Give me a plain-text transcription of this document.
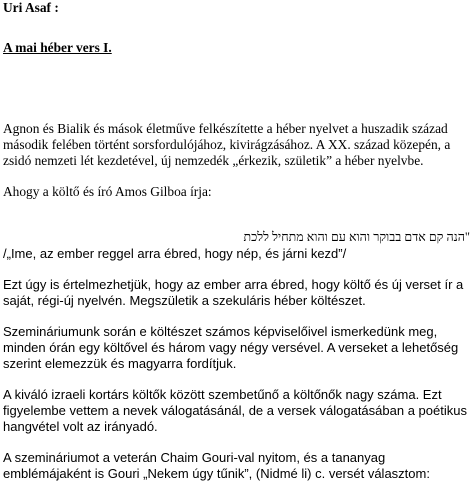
Uri Asaf :

A mai héber vers I.

Agnon és Bialik és mások életműve felkészítette a héber nyelvet a huszadik század második felében történt sorsfordulójához, kivirágzásához. A XX. század közepén, a zsidó nemzeti lét kezdetével, új nemzedék „érkezik, születik” a héber nyelvbe.

Ahogy a költő és író Amos Gilboa írja:

"הנה קם אדם בבוקר והוא עם והוא מתחיל ללכת

/„Ime, az ember reggel arra ébred, hogy nép, és járni kezd”/

Ezt úgy is értelmezhetjük, hogy az ember arra ébred, hogy költő és új verset ír a saját, régi-új nyelvén. Megszületik a szekuláris héber költészet.

Szemináriumunk során e költészet számos képviselőivel ismerkedünk meg, minden órán egy költővel és három vagy négy versével. A verseket a lehetőség szerint elemezzük és magyarra fordítjuk.

A kiváló izraeli kortárs költők között szembetűnő a költőnők nagy száma. Ezt figyelembe vettem a nevek válogatásánál, de a versek válogatásában a poétikus hangvétel volt az irányadó.

A szemináriumot a veterán Chaim Gouri-val nyitom, és a tananyag emblémájaként is Gouri „Nekem úgy tűnik”, (Nidmé li) c. versét választom:
